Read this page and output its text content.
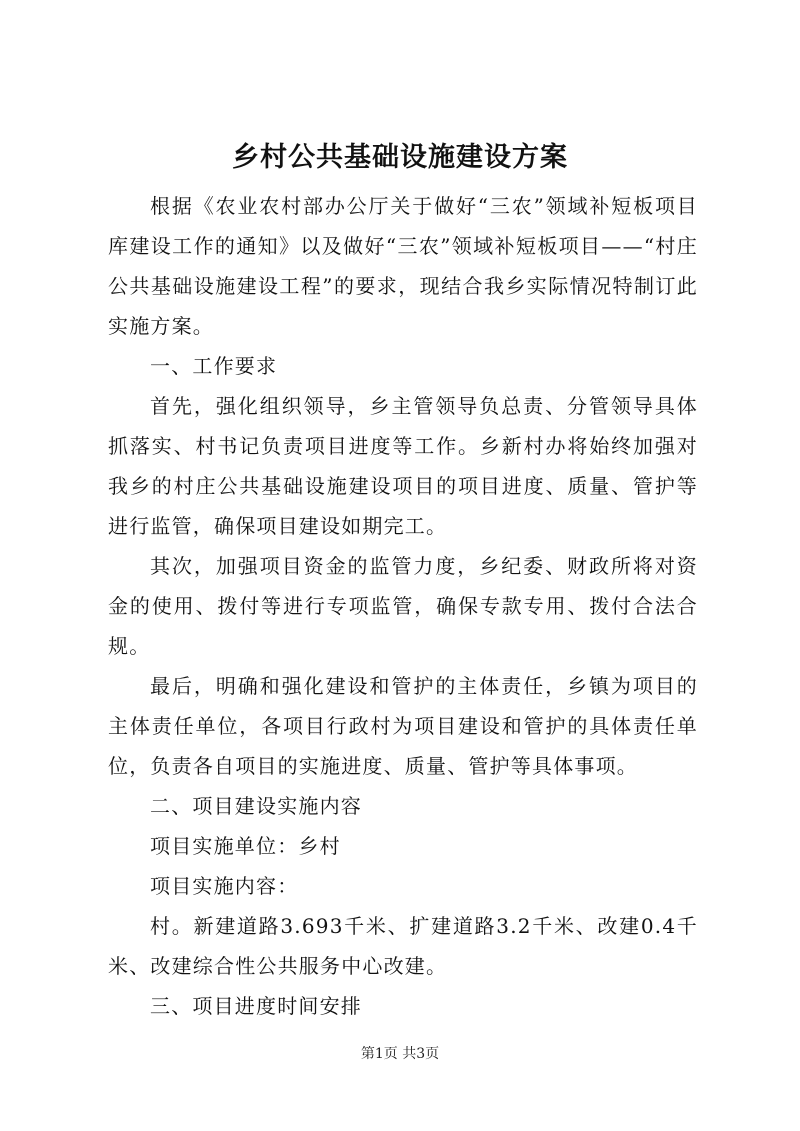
乡村公共基础设施建设方案

根据《农业农村部办公厅关于做好“三农”领域补短板项目库建设工作的通知》以及做好“三农”领域补短板项目——“村庄公共基础设施建设工程”的要求，现结合我乡实际情况特制订此实施方案。

一、工作要求

首先，强化组织领导，乡主管领导负总责、分管领导具体抓落实、村书记负责项目进度等工作。乡新村办将始终加强对我乡的村庄公共基础设施建设项目的项目进度、质量、管护等进行监管，确保项目建设如期完工。

其次，加强项目资金的监管力度，乡纪委、财政所将对资金的使用、拨付等进行专项监管，确保专款专用、拨付合法合规。

最后，明确和强化建设和管护的主体责任，乡镇为项目的主体责任单位，各项目行政村为项目建设和管护的具体责任单位，负责各自项目的实施进度、质量、管护等具体事项。

二、项目建设实施内容

项目实施单位：乡村

项目实施内容：

村。新建道路3.693千米、扩建道路3.2千米、改建0.4千米、改建综合性公共服务中心改建。

三、项目进度时间安排

第1页 共3页
